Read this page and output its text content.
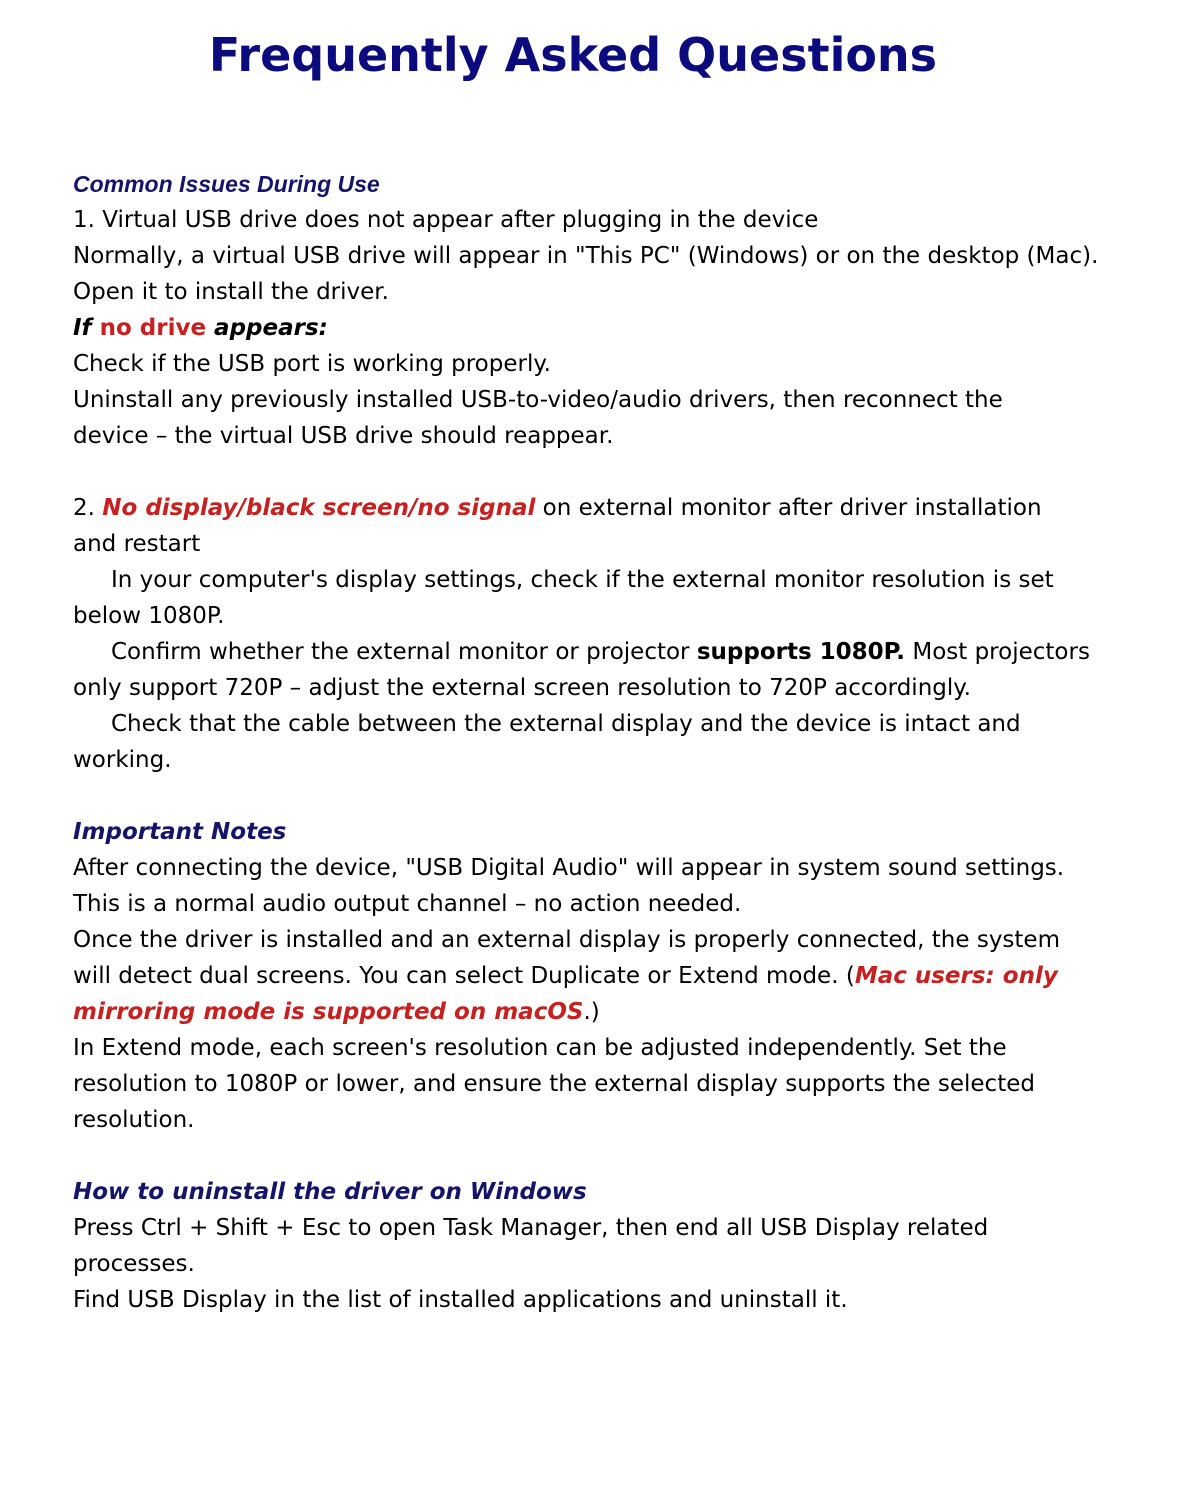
Frequently Asked Questions
Common Issues During Use
1. Virtual USB drive does not appear after plugging in the device
Normally, a virtual USB drive will appear in "This PC" (Windows) or on the desktop (Mac).
Open it to install the driver.
If no drive appears:
Check if the USB port is working properly.
Uninstall any previously installed USB-to-video/audio drivers, then reconnect the
device – the virtual USB drive should reappear.
2. No display/black screen/no signal on external monitor after driver installation
and restart
In your computer's display settings, check if the external monitor resolution is set
below 1080P.
Confirm whether the external monitor or projector supports 1080P. Most projectors
only support 720P – adjust the external screen resolution to 720P accordingly.
Check that the cable between the external display and the device is intact and
working.
Important Notes
After connecting the device, "USB Digital Audio" will appear in system sound settings.
This is a normal audio output channel – no action needed.
Once the driver is installed and an external display is properly connected, the system
will detect dual screens. You can select Duplicate or Extend mode. (Mac users: only
mirroring mode is supported on macOS.)
In Extend mode, each screen's resolution can be adjusted independently. Set the
resolution to 1080P or lower, and ensure the external display supports the selected
resolution.
How to uninstall the driver on Windows
Press Ctrl + Shift + Esc to open Task Manager, then end all USB Display related
processes.
Find USB Display in the list of installed applications and uninstall it.
